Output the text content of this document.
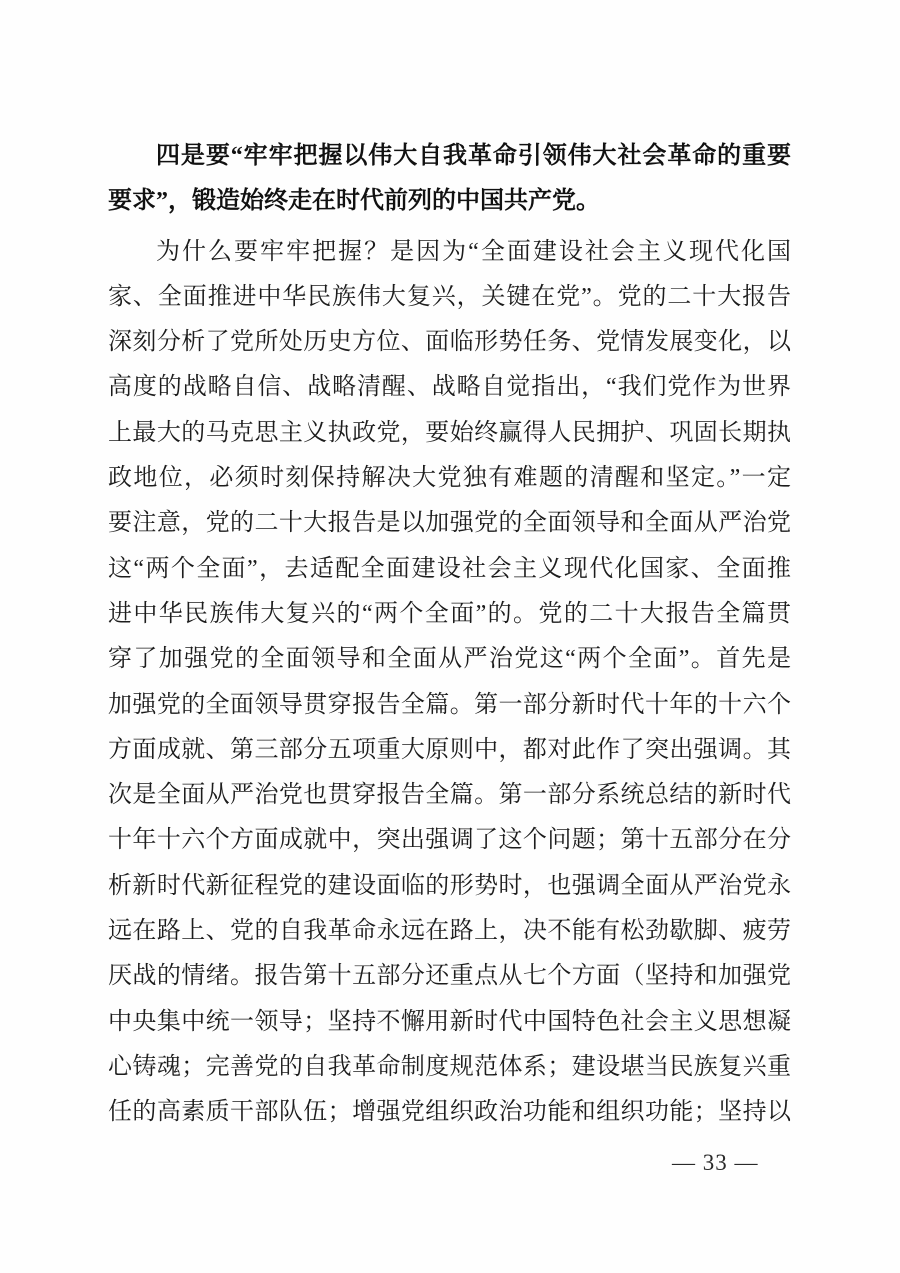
四是要“牢牢把握以伟大自我革命引领伟大社会革命的重要
要求”，锻造始终走在时代前列的中国共产党。
为什么要牢牢把握？是因为“全面建设社会主义现代化国
家、全面推进中华民族伟大复兴，关键在党”。党的二十大报告
深刻分析了党所处历史方位、面临形势任务、党情发展变化，以
高度的战略自信、战略清醒、战略自觉指出，“我们党作为世界
上最大的马克思主义执政党，要始终赢得人民拥护、巩固长期执
政地位，必须时刻保持解决大党独有难题的清醒和坚定。”一定
要注意，党的二十大报告是以加强党的全面领导和全面从严治党
这“两个全面”，去适配全面建设社会主义现代化国家、全面推
进中华民族伟大复兴的“两个全面”的。党的二十大报告全篇贯
穿了加强党的全面领导和全面从严治党这“两个全面”。首先是
加强党的全面领导贯穿报告全篇。第一部分新时代十年的十六个
方面成就、第三部分五项重大原则中，都对此作了突出强调。其
次是全面从严治党也贯穿报告全篇。第一部分系统总结的新时代
十年十六个方面成就中，突出强调了这个问题；第十五部分在分
析新时代新征程党的建设面临的形势时，也强调全面从严治党永
远在路上、党的自我革命永远在路上，决不能有松劲歇脚、疲劳
厌战的情绪。报告第十五部分还重点从七个方面（坚持和加强党
中央集中统一领导；坚持不懈用新时代中国特色社会主义思想凝
心铸魂；完善党的自我革命制度规范体系；建设堪当民族复兴重
任的高素质干部队伍；增强党组织政治功能和组织功能；坚持以
— 33 —
